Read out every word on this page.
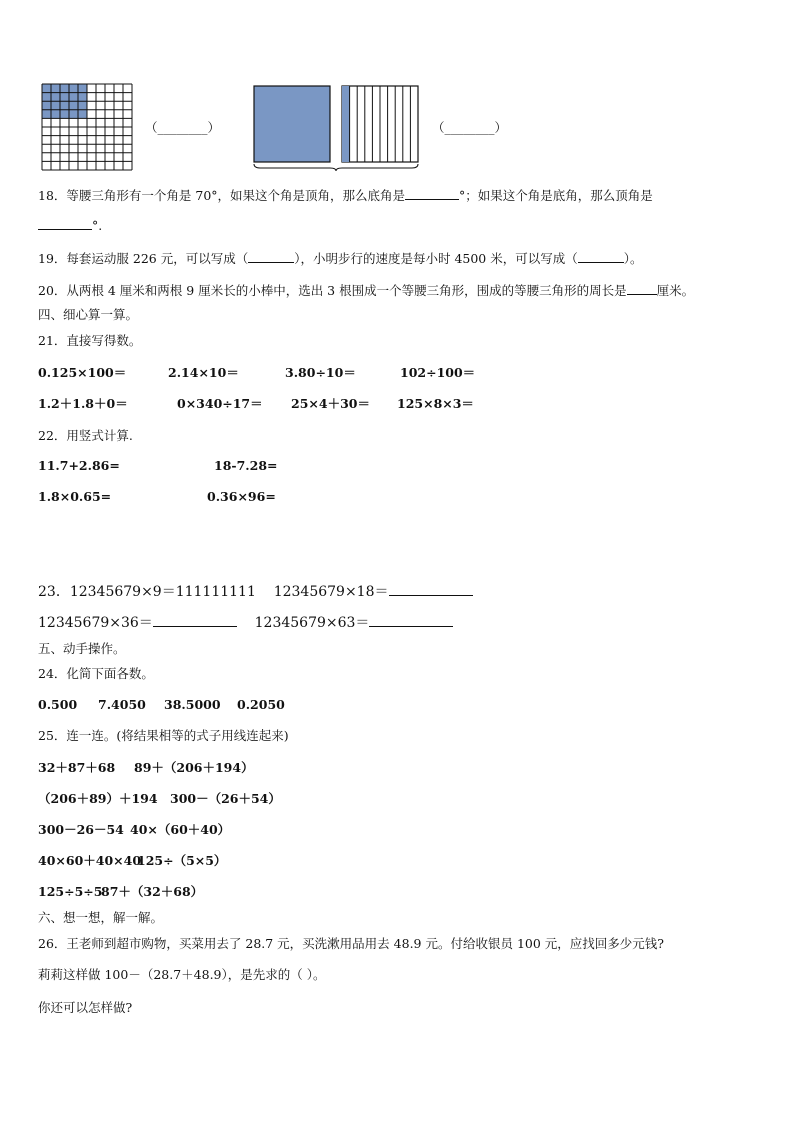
（________）	（________）
18．等腰三角形有一个角是 70°，如果这个角是顶角，那么底角是	°；如果这个角是底角，那么顶角是
°.
19．每套运动服 226 元，可以写成（	），小明步行的速度是每小时 4500 米，可以写成（	）。
20．从两根 4 厘米和两根 9 厘米长的小棒中，选出 3 根围成一个等腰三角形，围成的等腰三角形的周长是 厘米。
四、细心算一算。
21．直接写得数。
0.125×100＝	2.14×10＝	3.80÷10＝	102÷100＝
1.2＋1.8＋0＝	0×340÷17＝ 25×4＋30＝ 125×8×3＝
22．用竖式计算.
11.7+2.86=	18-7.28=
1.8×0.65=	0.36×96=
23．12345679×9＝111111111 12345679×18＝
12345679×36＝	12345679×63＝
五、动手操作。
24．化简下面各数。
0.500 7.4050 38.5000 0.2050
25．连一连。(将结果相等的式子用线连起来)
32＋87＋68 89＋（206＋194）
（206＋89）＋194 300－（26＋54）
300－26－54 40×（60＋40）
40×60＋40×40
125÷（5×5）
125÷5÷5
87＋（32＋68）
六、想一想，解一解。
26．王老师到超市购物，买菜用去了 28.7 元，买洗漱用品用去 48.9 元。付给收银员 100 元，应找回多少元钱?
莉莉这样做 100－（28.7＋48.9），是先求的（ ）。
你还可以怎样做?
